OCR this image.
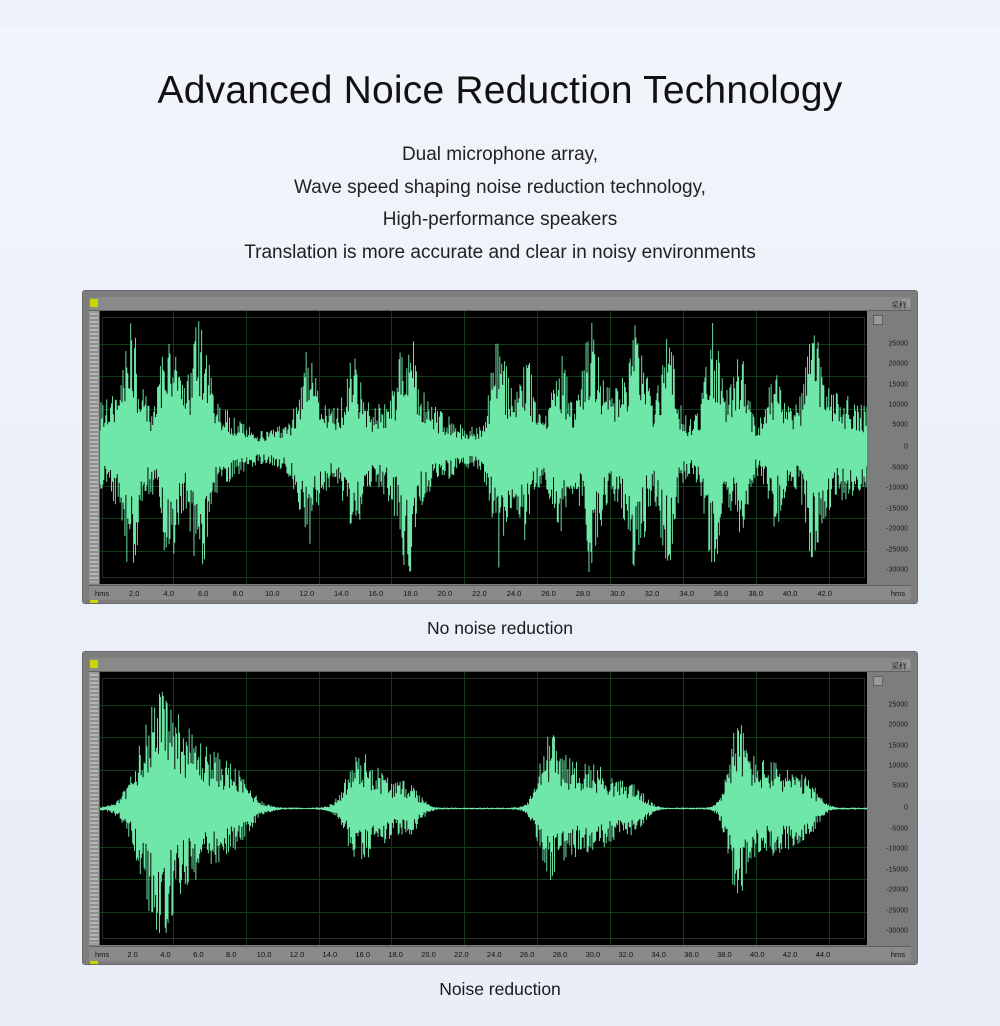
Advanced Noice Reduction Technology
Dual microphone array,
Wave speed shaping noise reduction technology,
High-performance speakers
Translation is more accurate and clear in noisy environments
采样
25000
20000
15000
10000
5000
0
-5000
-10000
-15000
-20000
-25000
-30000
hms	hms
2.0	4.0	6.0	8.0	10.0	12.0	14.0	16.0	18.0	20.0	22.0	24.0	26.0	28.0	30.0	32.0	34.0	36.0	38.0	40.0	42.0
No noise reduction
采样
25000
20000
15000
10000
5000
0
-5000
-10000
-15000
-20000
-25000
-30000
hms	hms
2.0	4.0	6.0	8.0	10.0 12.0 14.0 16.0 18.0 20.0 22.0 24.0 26.0 28.0 30.0 32.0 34.0 36.0 38.0 40.0 42.0 44.0
Noise reduction
